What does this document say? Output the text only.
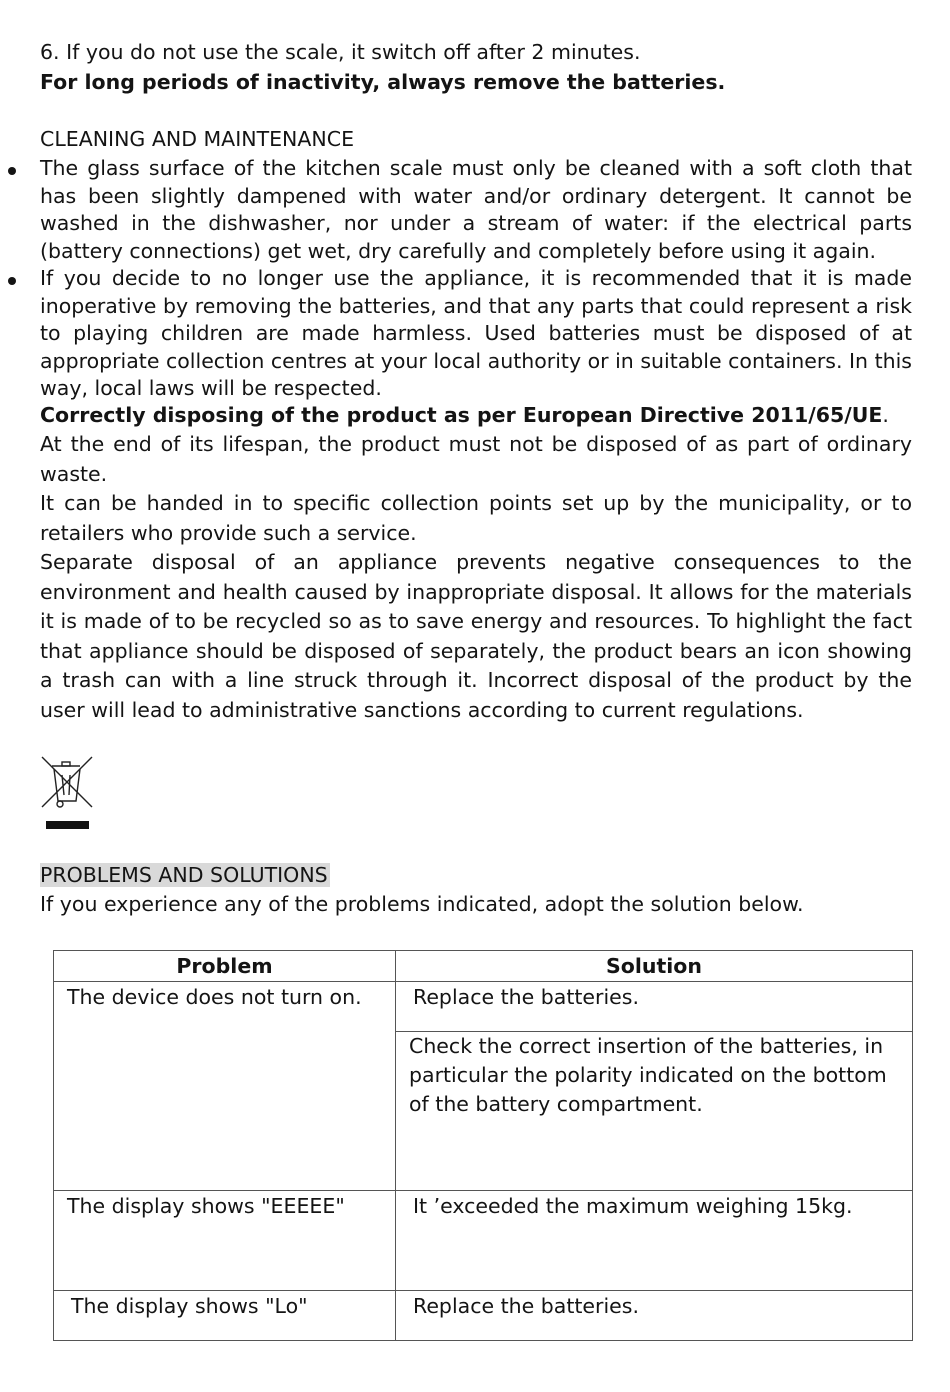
6. If you do not use the scale, it switch off after 2 minutes.
For long periods of inactivity, always remove the batteries.
CLEANING AND MAINTENANCE
The glass surface of the kitchen scale must only be cleaned with a soft cloth that has been slightly dampened with water and/or ordinary detergent. It cannot be washed in the dishwasher, nor under a stream of water: if the electrical parts (battery connections) get wet, dry carefully and completely before using it again.
If you decide to no longer use the appliance, it is recommended that it is made inoperative by removing the batteries, and that any parts that could represent a risk to playing children are made harmless. Used batteries must be disposed of at appropriate collection centres at your local authority or in suitable containers. In this way, local laws will be respected.
Correctly disposing of the product as per European Directive 2011/65/UE.
At the end of its lifespan, the product must not be disposed of as part of ordinary waste.
It can be handed in to specific collection points set up by the municipality, or to retailers who provide such a service.
Separate disposal of an appliance prevents negative consequences to the environment and health caused by inappropriate disposal. It allows for the materials it is made of to be recycled so as to save energy and resources. To highlight the fact that appliance should be disposed of separately, the product bears an icon showing a trash can with a line struck through it. Incorrect disposal of the product by the user will lead to administrative sanctions according to current regulations.
PROBLEMS AND SOLUTIONS
If you experience any of the problems indicated, adopt the solution below.
Problem	Solution

The device does not turn on.	Replace the batteries.

	Check the correct insertion of the batteries, in particular the polarity indicated on the bottom of the battery compartment.

The display shows "EEEEE"	It ’exceeded the maximum weighing 15kg.

The display shows "Lo"	Replace the batteries.
